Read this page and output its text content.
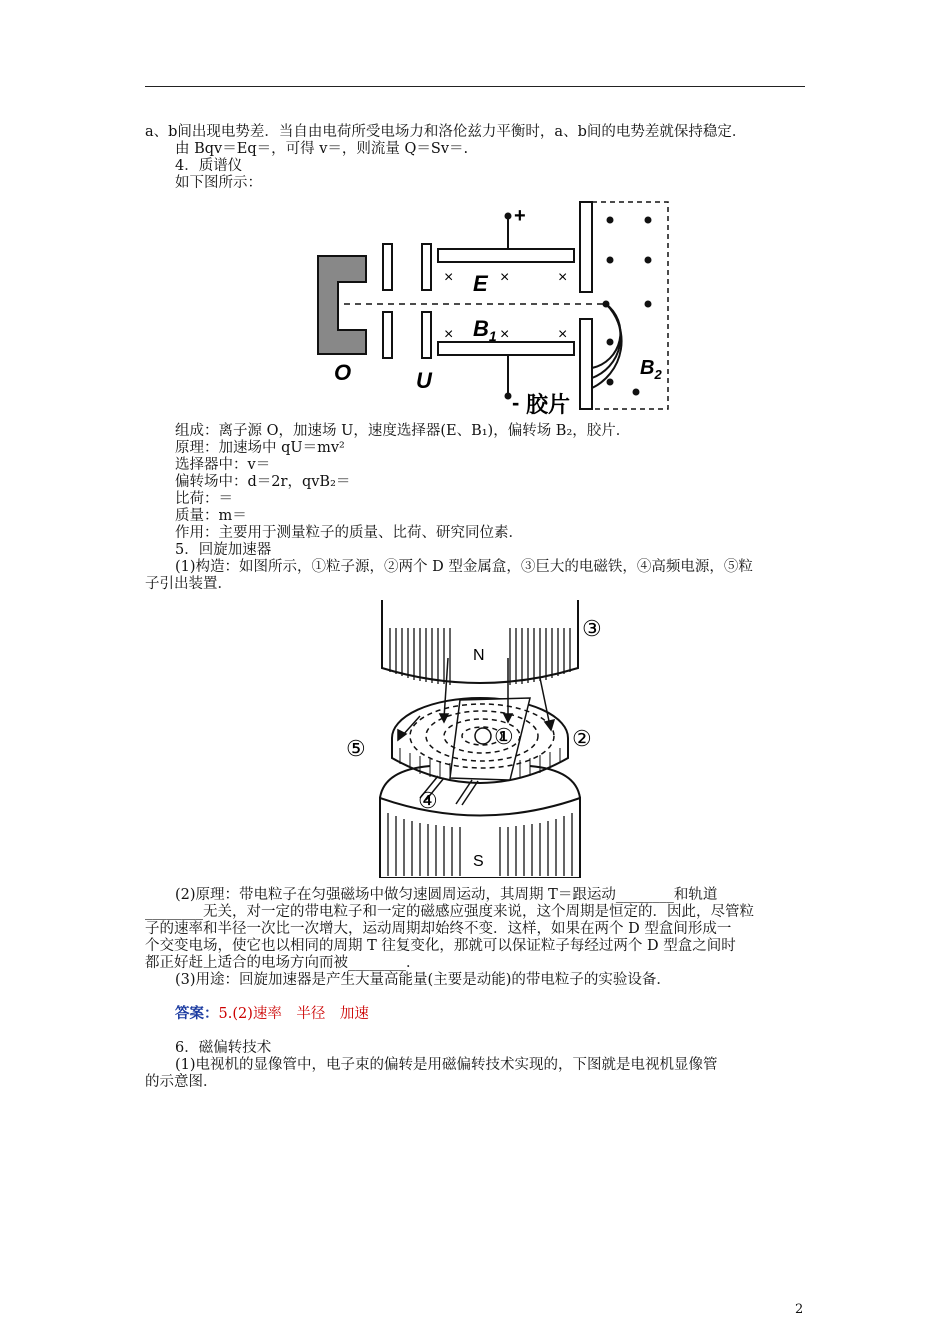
a、b间出现电势差．当自由电荷所受电场力和洛伦兹力平衡时，a、b间的电势差就保持稳定．
由 Bqv＝Eq＝，可得 v＝，则流量 Q＝Sv＝.
4．质谱仪
如下图所示：
+
-
×	×	×
×	×	×
E
$B_1$
$B_2$
O	U
胶片
组成：离子源 O，加速场 U，速度选择器(E、B₁)，偏转场 B₂，胶片．
原理：加速场中 qU＝mv²
选择器中：v＝
偏转场中：d＝2r，qvB₂＝
比荷：＝
质量：m＝
作用：主要用于测量粒子的质量、比荷、研究同位素．
5．回旋加速器
(1)构造：如图所示，①粒子源，②两个 D 型金属盒，③巨大的电磁铁，④高频电源，⑤粒
子引出装置．
N
③
①	②
⑤
S
④
(2)原理：带电粒子在匀强磁场中做匀速圆周运动，其周期 T＝跟运动________和轨道
________无关，对一定的带电粒子和一定的磁感应强度来说，这个周期是恒定的．因此，尽管粒
子的速率和半径一次比一次增大，运动周期却始终不变．这样，如果在两个 D 型盒间形成一
个交变电场，使它也以相同的周期 T 往复变化，那就可以保证粒子每经过两个 D 型盒之间时
都正好赶上适合的电场方向而被________．
(3)用途：回旋加速器是产生大量高能量(主要是动能)的带电粒子的实验设备．
答案：5.(2)速率　半径　加速
6．磁偏转技术
(1)电视机的显像管中，电子束的偏转是用磁偏转技术实现的，下图就是电视机显像管
的示意图．
2
